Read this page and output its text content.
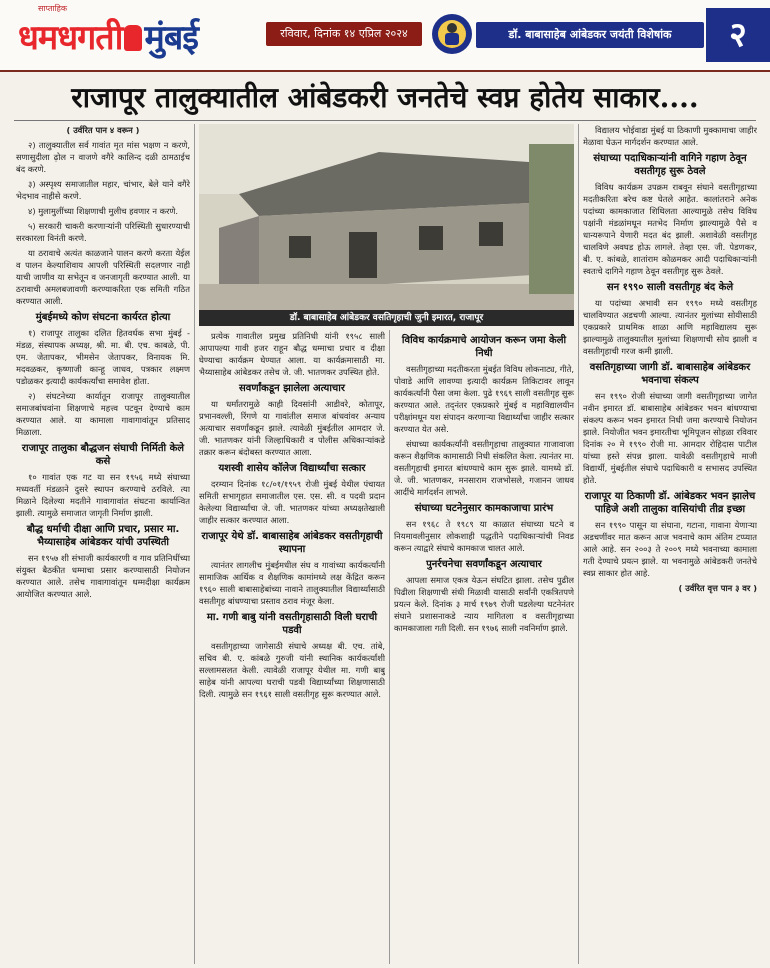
साप्ताहिक
धमधगती मुंबई	रविवार, दिनांक १४ एप्रिल २०२४	डॉ. बाबासाहेब आंबेडकर जयंती विशेषांक	२
राजापूर तालुक्यातील आंबेडकरी जनतेचे स्वप्न होतेय साकार....

( उर्वरित पान ४ वरून )

२) तालुक्यातील सर्व गावांत मृत मांस भक्षण न करणे, सणासुदीला ढ़ोल न वाजणे वगैरे कालिन्द दळी ठामठाईच बंद करणे.

३) अस्पृश्य समाजातील महार, चांभार, बेले याने वगैरे भेदभाव नाहीसे करणे.

४) मुलामुलींच्या शिक्षणाची मुलीच हवणार न करणे.

५) सरकारी चाकरी करणाऱ्यांनी परिस्थिती सुधारण्याची सरकारला विनंती करणे.

या ठरावाचे अत्यंत काळजाने पालन करणे करता येईल व पालन केल्याशिवाय आपली परिस्थिती सदलणार नाही याची जाणीव या सभेतून व जनजागृती करण्यात आली. या ठरावाची अमलबजावणी करण्याकरिता एक समिती गठित करण्यात आली.

मुंबईमध्ये कोण संघटना कार्यरत होत्या

१) राजापूर तालुका दलित हितवर्धक सभा मुंबई - मंडळ, संस्थापक अध्यक्ष, श्री. मा. बी. एच. काबळे, पी. एम. जेतापकर, भीमसेन जेतापकर, विनायक मि. मदवळकर, कृष्णाजी कान्हू जाधव, पत्रकार लक्ष्मण पडोळकर इत्यादी कार्यकर्त्यांचा समावेश होता.

२) संघटनेच्या कार्यातून राजापूर तालुक्यातील समाजबांधवांना शिक्षणाचे महत्त्व पटवून देण्याचे काम करण्यात आले. या कामाला गावागावांतून प्रतिसाद मिळाला.

राजापूर तालुका बौद्धजन संघाची निर्मिती केले कसे

१० गावांत एक गट या सन १९५६ मध्ये संघाच्या मध्यवर्ती मंडळाने दुसरे स्थापन करण्याचे ठरविले. त्या मिळाने दिलेल्या मदतीने गावागावांत संघटना कार्यान्वित झाली. त्यामुळे समाजात जागृती निर्माण झाली.

बौद्ध धर्माची दीक्षा आणि प्रचार, प्रसार मा. भैय्यासाहेब आंबेडकर यांची उपस्थिती

सन १९५७ शी संभाजी कार्यकारणी व गाव प्रतिनिधींच्या संयुक्त बैठकीत धम्माचा प्रसार करण्यासाठी नियोजन करण्यात आले. तसेच गावागावांतून धम्मदीक्षा कार्यक्रम आयोजित करण्यात आले.

डॉ. बाबासाहेब आंबेडकर वसतिगृहाची जुनी इमारत, राजापूर

प्रत्येक गावातील प्रमुख प्रतिनिधी यांनी १९५८ साली आपापल्या गावी हजर राहून बौद्ध धम्माचा प्रचार व दीक्षा घेण्याचा कार्यक्रम घेण्यात आला. या कार्यक्रमासाठी मा. भैय्यासाहेब आंबेडकर तसेच जे. जी. भातणकर उपस्थित होते.

सवर्णांकडून झालेला अत्याचार

या धर्मांतरामुळे काही दिवसांनी आडीवरे, कोतापूर, प्रभानवल्ली, रिंगणे या गावांतील समाज बांधवांवर अन्याय अत्याचार सवर्णांकडून झाले. त्यावेळी मुंबईतील आमदार जे. जी. भातणकर यांनी जिल्हाधिकारी व पोलीस अधिकाऱ्यांकडे तक्रार करून बंदोबस्त करण्यात आला.

यशस्वी शासेय कॉलेज विद्यार्थ्यांचा सत्कार

दरम्यान दिनांक १८/०१/१९५९ रोजी मुंबई येथील पंचायत समिती सभागृहात समाजातील एस. एस. सी. व पदवी प्रदान केलेल्या विद्यार्थ्यांचा जे. जी. भातणकर यांच्या अध्यक्षतेखाली जाहीर सत्कार करण्यात आला.

राजापूर येथे डॉ. बाबासाहेब आंबेडकर वसतीगृहाची स्थापना

त्यानंतर लागलीच मुंबईमधील संघ व गावांच्या कार्यकर्त्यांनी सामाजिक आर्थिक व शैक्षणिक कामांमध्ये लक्ष केंद्रित करून १९६० साली बाबासाहेबांच्या नावाने तालुक्यातील विद्यार्थ्यांसाठी वसतीगृह बांधण्याचा प्रस्ताव ठराव मंजूर केला.

मा. गणी बाबु यांनी वसतीगृहासाठी विली घराची पडवी

वसतीगृहाच्या जागेसाठी संघाचे अध्यक्ष बी. एच. तांबे, सचिव बी. ए. कांबळे गुरुजी यांनी स्थानिक कार्यकर्त्यांशी सल्लामसलत केली. त्यावेळी राजापूर येथील मा. गणी बाबु साहेब यांनी आपल्या घराची पडवी विद्यार्थ्यांच्या शिक्षणासाठी दिली. त्यामुळे सन १९६१ साली वसतीगृह सुरू करण्यात आले.

विविध कार्यक्रमाचे आयोजन करून जमा केली निधी

वसतीगृहाच्या मदतीकरता मुंबईत विविध लोकनाट्य, गीते, पोवाडे आणि लावण्या इत्यादी कार्यक्रम तिकिटावर लावून कार्यकर्त्यांनी पैसा जमा केला. पुढे १९६९ साली वसतीगृह सुरू करण्यात आले. तद्नंतर एकप्रकारे मुंबई व महाविद्यालयीन परीक्षांमधून यश संपादन करणाऱ्या विद्यार्थ्यांचा जाहीर सत्कार करण्यात येत असे.

संघाच्या कार्यकर्त्यांनी वसतीगृहाचा तालुक्यात गाजावाजा करून शैक्षणिक कामासाठी निधी संकलित केला. त्यानंतर मा. वसतीगृहाची इमारत बांधण्याचे काम सुरू झाले. यामध्ये डॉ. जे. जी. भातणकर, मनसाराम राजभोसले, गजानन जाधव आदींचे मार्गदर्शन लाभले.

संघाच्या घटनेनुसार कामकाजाचा प्रारंभ

सन १९६८ ते १९८९ या काळात संघाच्या घटने व नियमावलीनुसार लोकशाही पद्धतीने पदाधिकाऱ्यांची निवड करून त्याद्वारे संघाचे कामकाज चालत आले.

पुनर्रचनेचा सवर्णांकडून अत्याचार

आपला समाज एकत्र येऊन संघटित झाला. तसेच पुढील पिढीला शिक्षणाची संधी मिळावी यासाठी सर्वांनी एकत्रितपणे प्रयत्न केले. दिनांक ३ मार्च १९७९ रोजी घडलेल्या घटनेनंतर संघाने प्रशासनाकडे न्याय मागितला व वसतीगृहाच्या कामकाजाला गती दिली. सन १९७६ साली नवनिर्माण झाले.

विद्यालय भोईवाडा मुंबई या ठिकाणी मुक्कामाचा जाहीर मेळावा घेऊन मार्गदर्शन करण्यात आले.

संघाच्या पदाधिकाऱ्यांनी वागिने गहाण ठेवून वसतीगृह सुरू ठेवले

विविध कार्यक्रम उपक्रम राबवून संघाने वसतीगृहाच्या मदतीकरिता बरेच कष्ट घेतले आहेत. कालांतराने अनेक पदांच्या कामकाजात शिथिलता आल्यामुळे तसेच विविध पक्षांनी मंडळांमधून मतभेद निर्माण झाल्यामुळे पैसे व धान्यरूपाने येणारी मदत बंद झाली. अशावेळी वसतीगृह चालविणे अवघड होऊ लागले. तेव्हा एस. जी. पेडणकर, बी. ए. कांबळे, शातांराम कोळमकर आदी पदाधिकाऱ्यांनी स्वतःचे दागिने गहाण ठेवून वसतीगृह सुरू ठेवले.

सन १९९० साली वसतीगृह बंद केले

या पदांच्या अभावी सन १९९० मध्ये वसतीगृह चालविण्यात अडचणी आल्या. त्यानंतर मुलांच्या सोयीसाठी एकप्रकारे प्राथमिक शाळा आणि महाविद्यालय सुरू झाल्यामुळे तालुक्यातील मुलांच्या शिक्षणाची सोय झाली व वसतीगृहाची गरज कमी झाली.

वसतिगृहाच्या जागी डॉ. बाबासाहेब आंबेडकर भवनाचा संकल्प

सन १९९० रोजी संघाच्या जागी वसतीगृहाच्या जागेत नवीन इमारत डॉ. बाबासाहेब आंबेडकर भवन बांधण्याचा संकल्प करून भवन इमारत निधी जमा करण्याचे नियोजन झाले. नियोजीत भवन इमारतीचा भूमिपूजन सोहळा रविवार दिनांक २० मे १९९० रोजी मा. आमदार रोहिदास पाटील यांच्या हस्ते संपन्न झाला. यावेळी वसतीगृहाचे माजी विद्यार्थी, मुंबईतील संघाचे पदाधिकारी व सभासद उपस्थित होते.

राजापूर या ठिकाणी डॉ. आंबेडकर भवन झालेच पाहिजे अशी तालुका वासियांची तीव्र इच्छा

सन १९९० पासून या संघाना, गटाना, गावाना येणाऱ्या अडचणींवर मात करून आज भवनाचे काम अंतिम टप्प्यात आले आहे. सन २००३ ते २००९ मध्ये भवनाच्या कामाला गती देण्याचे प्रयत्न झाले. या भवनामुळे आंबेडकरी जनतेचे स्वप्न साकार होत आहे.

( उर्वरित वृत्त पान ३ वर )
